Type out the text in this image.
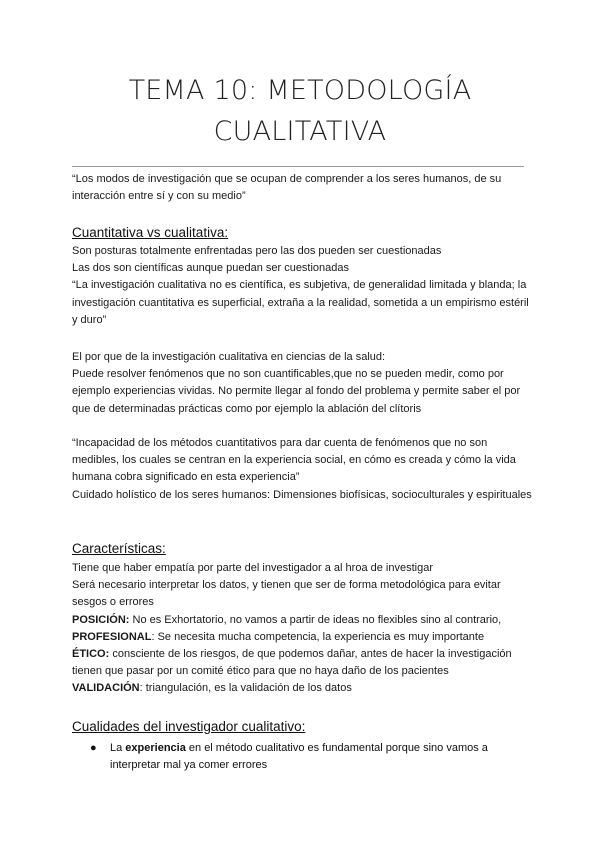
TEMA 10: METODOLOGÍA
CUALITATIVA
“Los modos de investigación que se ocupan de comprender a los seres humanos, de su interacción entre sí y con su medio”
Cuantitativa vs cualitativa:

Son posturas totalmente enfrentadas pero las dos pueden ser cuestionadas

Las dos son científicas aunque puedan ser cuestionadas

“La investigación cualitativa no es científica, es subjetiva, de generalidad limitada y blanda; la investigación cuantitativa es superficial, extraña a la realidad, sometida a un empirismo estéril y duro”

El por que de la investigación cualitativa en ciencias de la salud:

Puede resolver fenómenos que no son cuantificables,que no se pueden medir, como por ejemplo experiencias vividas. No permite llegar al fondo del problema y permite saber el por que de determinadas prácticas como por ejemplo la ablación del clítoris

“Incapacidad de los métodos cuantitativos para dar cuenta de fenómenos que no son medibles, los cuales se centran en la experiencia social, en cómo es creada y cómo la vida humana cobra significado en esta experiencia”

Cuidado holístico de los seres humanos: Dimensiones biofísicas, socioculturales y espirituales

Características:

Tiene que haber empatía por parte del investigador a al hroa de investigar

Será necesario interpretar los datos, y tienen que ser de forma metodológica para evitar sesgos o errores

POSICIÓN: No es Exhortatorio, no vamos a partir de ideas no flexibles sino al contrario,

PROFESIONAL: Se necesita mucha competencia, la experiencia es muy importante

ÉTICO: consciente de los riesgos, de que podemos dañar, antes de hacer la investigación tienen que pasar por un comité ético para que no haya daño de los pacientes

VALIDACIÓN: triangulación, es la validación de los datos

Cualidades del investigador cualitativo:
● La experiencia en el método cualitativo es fundamental porque sino vamos a interpretar mal ya comer errores
